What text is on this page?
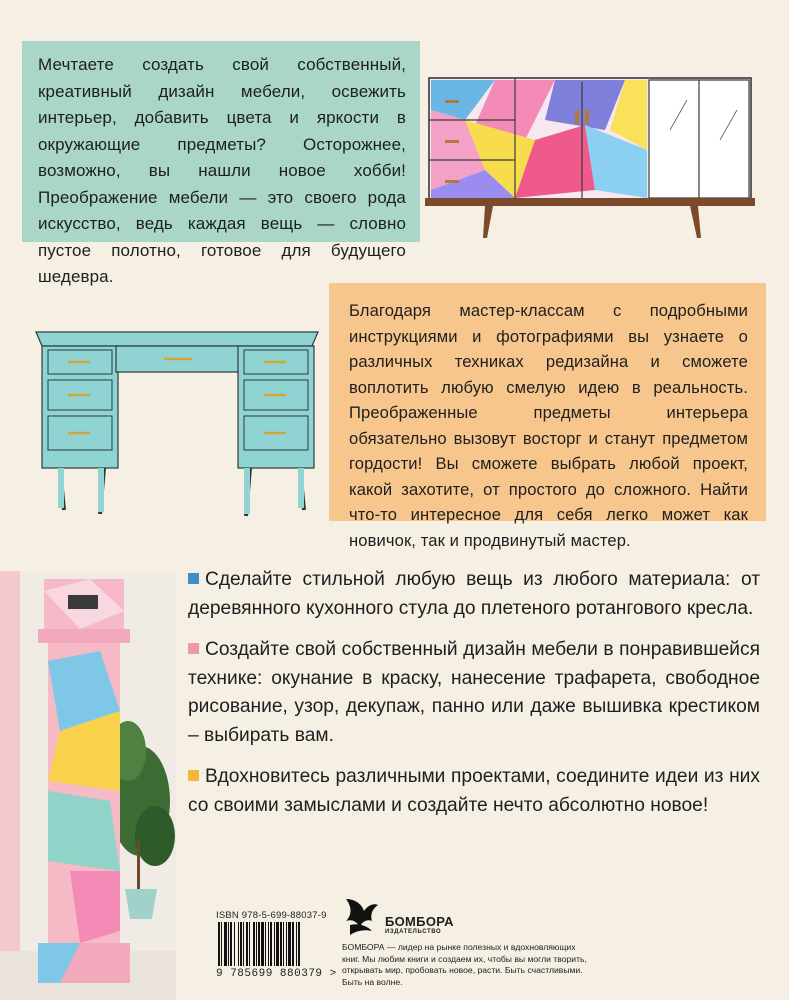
Мечтаете создать свой собственный, креативный дизайн мебели, освежить интерьер, добавить цвета и яркости в окружающие предметы? Осторожнее, возможно, вы нашли новое хобби! Преображение мебели — это своего рода искусство, ведь каждая вещь — словно пустое полотно, готовое для будущего шедевра.

Благодаря мастер-классам с подробными инструкциями и фотографиями вы узнаете о различных техниках редизайна и сможете воплотить любую смелую идею в реальность. Преображенные предметы интерьера обязательно вызовут восторг и станут предметом гордости! Вы сможете выбрать любой проект, какой захотите, от простого до сложного. Найти что-то интересное для себя легко может как новичок, так и продвинутый мастер.

Сделайте стильной любую вещь из любого материала: от деревянного кухонного стула до плетеного ротангового кресла.

Создайте свой собственный дизайн мебели в понравившейся технике: окунание в краску, нанесение трафарета, свободное рисование, узор, декупаж, панно или даже вышивка крестиком – выбирать вам.

Вдохновитесь различными проектами, соедините идеи из них со своими замыслами и создайте нечто абсолютно новое!

ISBN 978-5-699-88037-9
9 785699 880379 >
БОМБОРА
ИЗДАТЕЛЬСТВО
БОМБОРА — лидер на рынке полезных и вдохновляющих книг. Мы любим книги и создаем их, чтобы вы могли творить, открывать мир, пробовать новое, расти. Быть счастливыми. Быть на волне.
